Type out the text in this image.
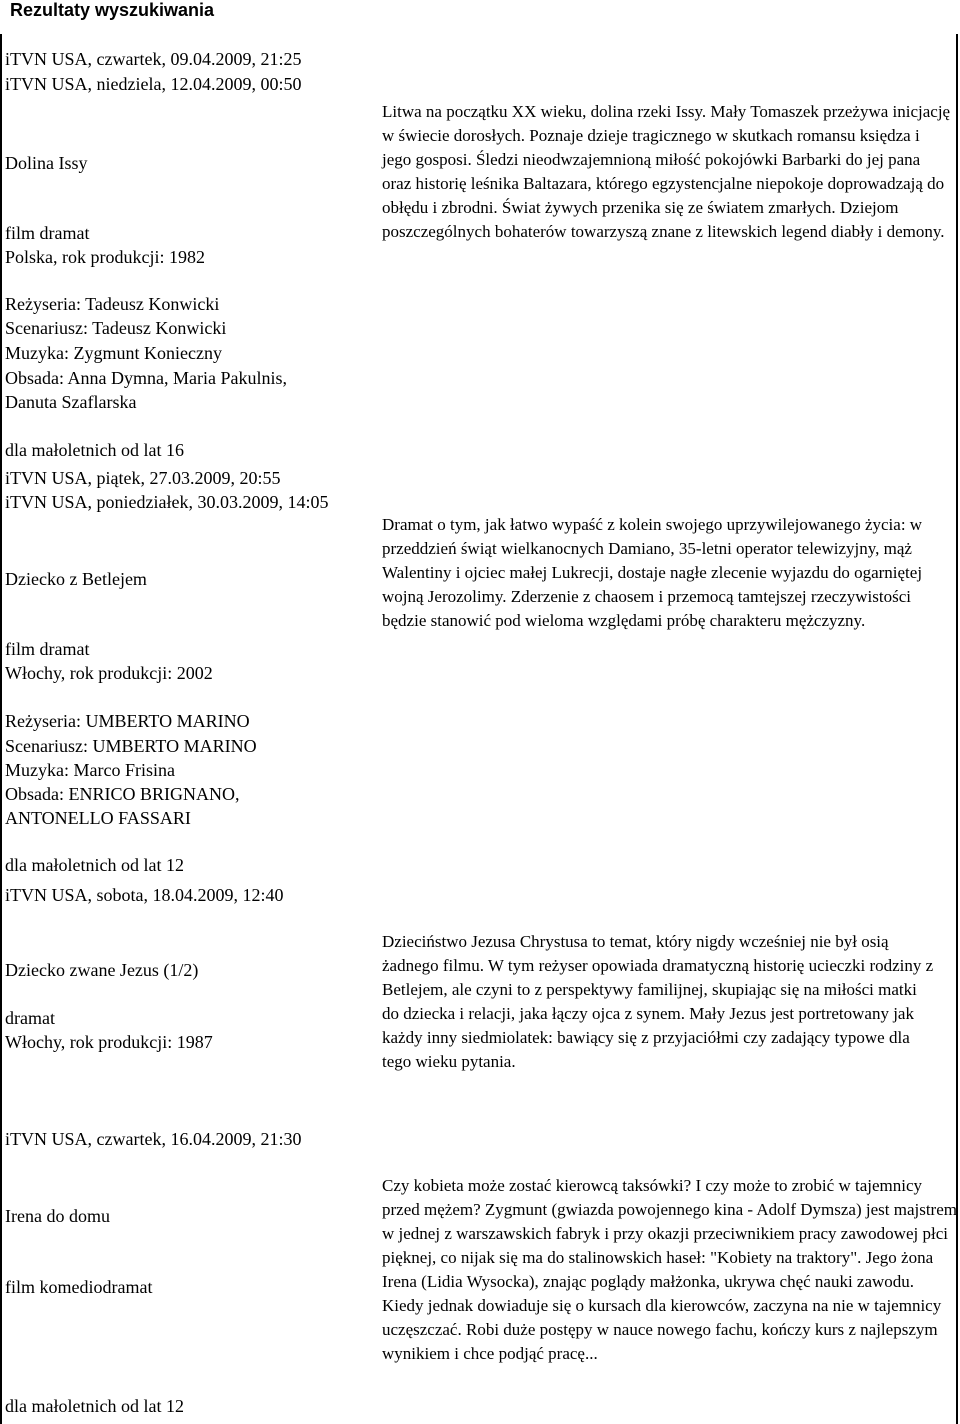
Rezultaty wyszukiwania
iTVN USA, czwartek, 09.04.2009, 21:25
iTVN USA, niedziela, 12.04.2009, 00:50
Dolina Issy
film dramat
Polska, rok produkcji: 1982
Reżyseria: Tadeusz Konwicki
Scenariusz: Tadeusz Konwicki
Muzyka: Zygmunt Konieczny
Obsada: Anna Dymna, Maria Pakulnis,
Danuta Szaflarska
dla małoletnich od lat 16
Litwa na początku XX wieku, dolina rzeki Issy. Mały Tomaszek przeżywa inicjację w świecie dorosłych. Poznaje dzieje tragicznego w skutkach romansu księdza i jego gosposi. Śledzi nieodwzajemnioną miłość pokojówki Barbarki do jej pana oraz historię leśnika Baltazara, którego egzystencjalne niepokoje doprowadzają do obłędu i zbrodni. Świat żywych przenika się ze światem zmarłych. Dziejom poszczególnych bohaterów towarzyszą znane z litewskich legend diabły i demony.
iTVN USA, piątek, 27.03.2009, 20:55
iTVN USA, poniedziałek, 30.03.2009, 14:05
Dziecko z Betlejem
film dramat
Włochy, rok produkcji: 2002
Reżyseria: UMBERTO MARINO
Scenariusz: UMBERTO MARINO
Muzyka: Marco Frisina
Obsada: ENRICO BRIGNANO,
ANTONELLO FASSARI
dla małoletnich od lat 12
Dramat o tym, jak łatwo wypaść z kolein swojego uprzywilejowanego życia: w przeddzień świąt wielkanocnych Damiano, 35-letni operator telewizyjny, mąż Walentiny i ojciec małej Lukrecji, dostaje nagłe zlecenie wyjazdu do ogarniętej wojną Jerozolimy. Zderzenie z chaosem i przemocą tamtejszej rzeczywistości będzie stanowić pod wieloma względami próbę charakteru mężczyzny.
iTVN USA, sobota, 18.04.2009, 12:40
Dziecko zwane Jezus (1/2)
dramat
Włochy, rok produkcji: 1987
Dzieciństwo Jezusa Chrystusa to temat, który nigdy wcześniej nie był osią żadnego filmu. W tym reżyser opowiada dramatyczną historię ucieczki rodziny z Betlejem, ale czyni to z perspektywy familijnej, skupiając się na miłości matki do dziecka i relacji, jaka łączy ojca z synem. Mały Jezus jest portretowany jak każdy inny siedmiolatek: bawiący się z przyjaciółmi czy zadający typowe dla tego wieku pytania.
iTVN USA, czwartek, 16.04.2009, 21:30
Irena do domu
film komediodramat
dla małoletnich od lat 12
Czy kobieta może zostać kierowcą taksówki? I czy może to zrobić w tajemnicy przed mężem? Zygmunt (gwiazda powojennego kina - Adolf Dymsza) jest majstrem w jednej z warszawskich fabryk i przy okazji przeciwnikiem pracy zawodowej płci pięknej, co nijak się ma do stalinowskich haseł: "Kobiety na traktory". Jego żona Irena (Lidia Wysocka), znając poglądy małżonka, ukrywa chęć nauki zawodu. Kiedy jednak dowiaduje się o kursach dla kierowców, zaczyna na nie w tajemnicy uczęszczać. Robi duże postępy w nauce nowego fachu, kończy kurs z najlepszym wynikiem i chce podjąć pracę...
